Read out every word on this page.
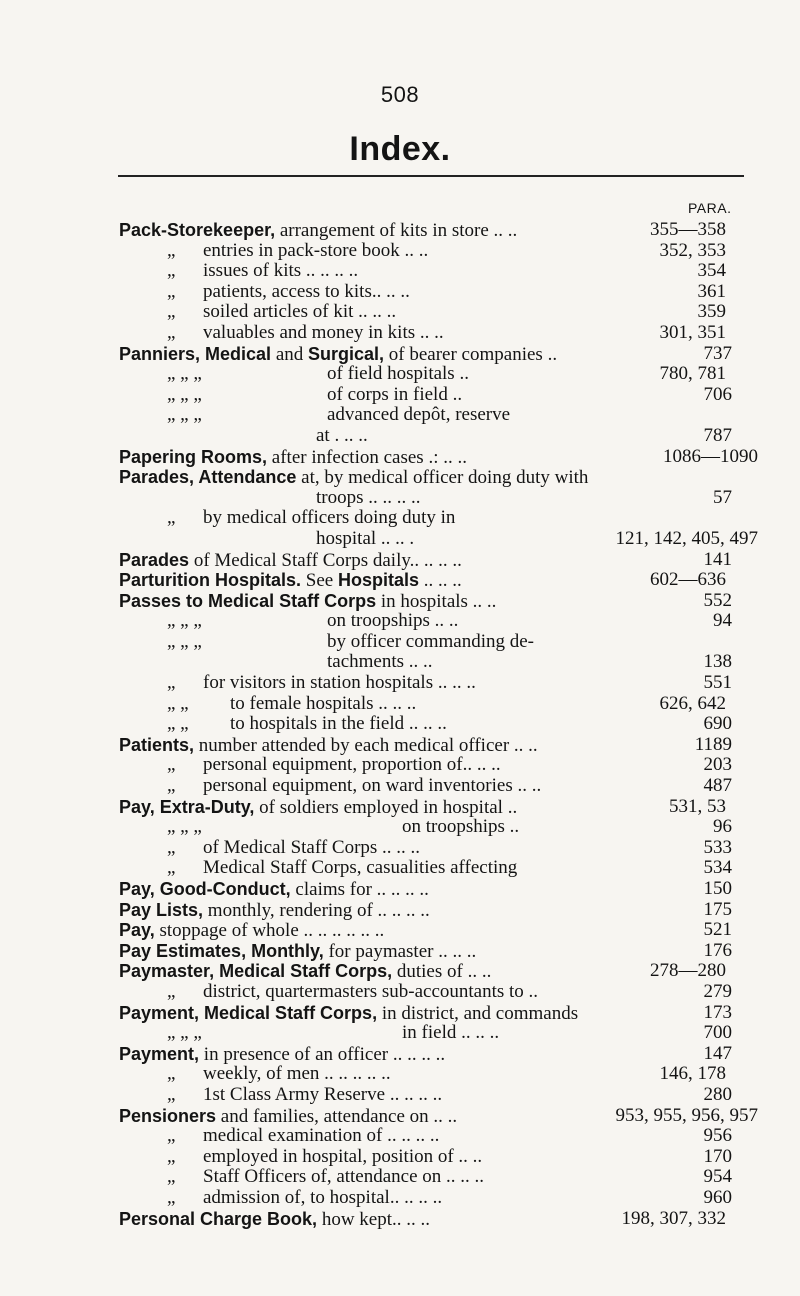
508
Index.
PARA.
Pack-Storekeeper, arrangement of kits in store .. ..	355—358
„ entries in pack-store book .. ..	352, 353
„ issues of kits .. .. .. ..	354
„ patients, access to kits.. .. ..	361
„ soiled articles of kit .. .. ..	359
„ valuables and money in kits .. ..	301, 351
Panniers, Medical and Surgical, of bearer companies ..	737
„ „ „	of field hospitals ..	780, 781
„ „ „	of corps in field ..	706
„ „ „	advanced depôt, reserve
at . .. ..	787
Papering Rooms, after infection cases .: .. ..	1086—1090
Parades, Attendance at, by medical officer doing duty with
troops .. .. .. ..	57
„ by medical officers doing duty in
hospital .. .. .	121, 142, 405, 497
Parades of Medical Staff Corps daily.. .. .. ..	141
Parturition Hospitals. See Hospitals .. .. ..	602—636
Passes to Medical Staff Corps in hospitals .. ..	552
„ „ „	on troopships .. ..	94
„ „ „	by officer commanding de-
tachments .. ..	138
„ for visitors in station hospitals .. .. ..	551
„ „ to female hospitals .. .. ..	626, 642
„ „ to hospitals in the field .. .. ..	690
Patients, number attended by each medical officer .. ..	1189
„ personal equipment, proportion of.. .. ..	203
„ personal equipment, on ward inventories .. ..	487
Pay, Extra-Duty, of soldiers employed in hospital ..	531, 53
„ „ „	on troopships ..	96
„ of Medical Staff Corps .. .. ..	533
„ Medical Staff Corps, casualities affecting	534
Pay, Good-Conduct, claims for .. .. .. ..	150
Pay Lists, monthly, rendering of .. .. .. ..	175
Pay, stoppage of whole .. .. .. .. .. ..	521
Pay Estimates, Monthly, for paymaster .. .. ..	176
Paymaster, Medical Staff Corps, duties of .. ..	278—280
„ district, quartermasters sub-accountants to ..	279
Payment, Medical Staff Corps, in district, and commands	173
„ „ „	in field .. .. ..	700
Payment, in presence of an officer .. .. .. ..	147
„ weekly, of men .. .. .. .. ..	146, 178
„ 1st Class Army Reserve .. .. .. ..	280
Pensioners and families, attendance on .. ..	953, 955, 956, 957
„ medical examination of .. .. .. ..	956
„ employed in hospital, position of .. ..	170
„ Staff Officers of, attendance on .. .. ..	954
„ admission of, to hospital.. .. .. ..	960
Personal Charge Book, how kept.. .. ..	198, 307, 332
